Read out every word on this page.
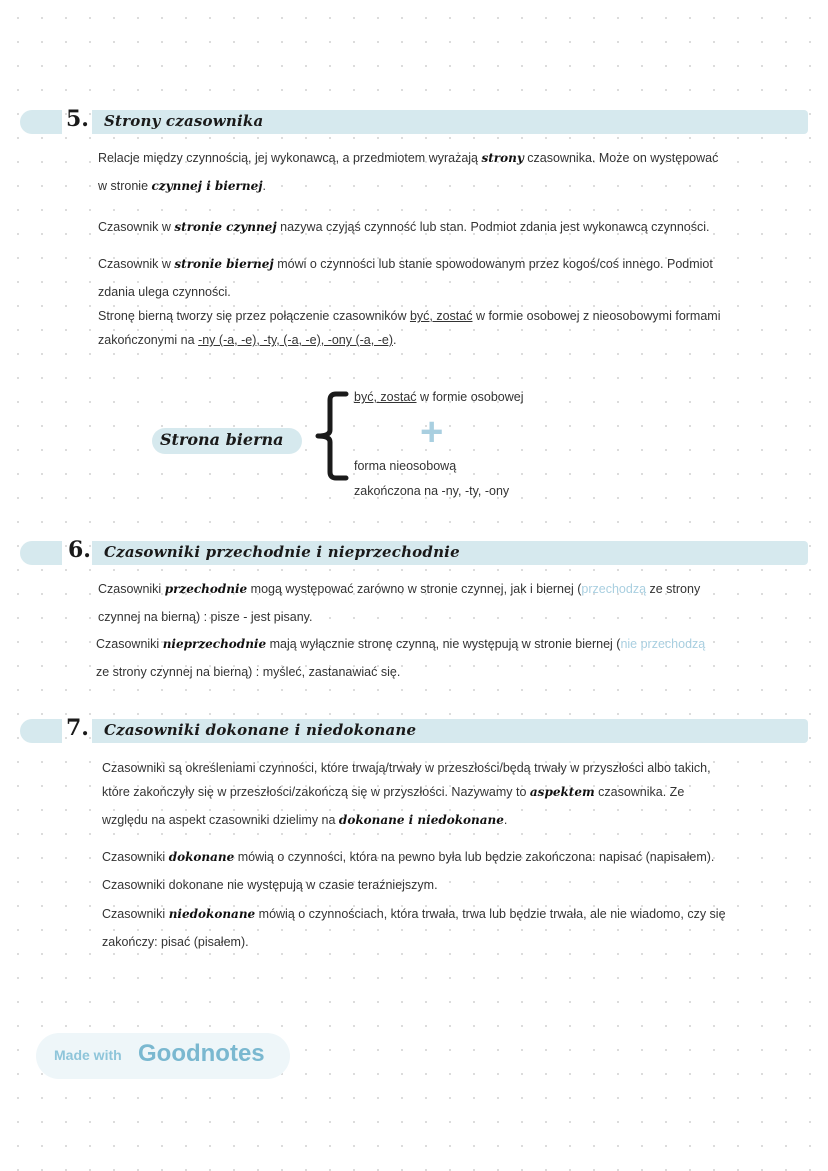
5. Strony czasownika
Relacje między czynnością, jej wykonawcą, a przedmiotem wyrażają strony czasownika. Może on występować
w stronie czynnej i biernej.
Czasownik w stronie czynnej nazywa czyjąś czynność lub stan. Podmiot zdania jest wykonawcą czynności.
Czasownik w stronie biernej mówi o czynności lub stanie spowodowanym przez kogoś/coś innego. Podmiot
zdania ulega czynności.
Stronę bierną tworzy się przez połączenie czasowników być, zostać w formie osobowej z nieosobowymi formami
zakończonymi na -ny (-a, -e), -ty, (-a, -e), -ony (-a, -e).
Strona bierna
być, zostać w formie osobowej
+
forma nieosobową
zakończona na -ny, -ty, -ony
6. Czasowniki przechodnie i nieprzechodnie
Czasowniki przechodnie mogą występować zarówno w stronie czynnej, jak i biernej (przechodzą ze strony
czynnej na bierną) : pisze - jest pisany.
Czasowniki nieprzechodnie mają wyłącznie stronę czynną, nie występują w stronie biernej (nie przechodzą
ze strony czynnej na bierną) : myśleć, zastanawiać się.
7. Czasowniki dokonane i niedokonane
Czasowniki są określeniami czynności, które trwają/trwały w przeszłości/będą trwały w przyszłości albo takich,
które zakończyły się w przeszłości/zakończą się w przyszłości. Nazywamy to aspektem czasownika. Ze
względu na aspekt czasowniki dzielimy na dokonane i niedokonane.
Czasowniki dokonane mówią o czynności, która na pewno była lub będzie zakończona: napisać (napisałem).
Czasowniki dokonane nie występują w czasie teraźniejszym.
Czasowniki niedokonane mówią o czynnościach, która trwała, trwa lub będzie trwała, ale nie wiadomo, czy się
zakończy: pisać (pisałem).
Made with Goodnotes
